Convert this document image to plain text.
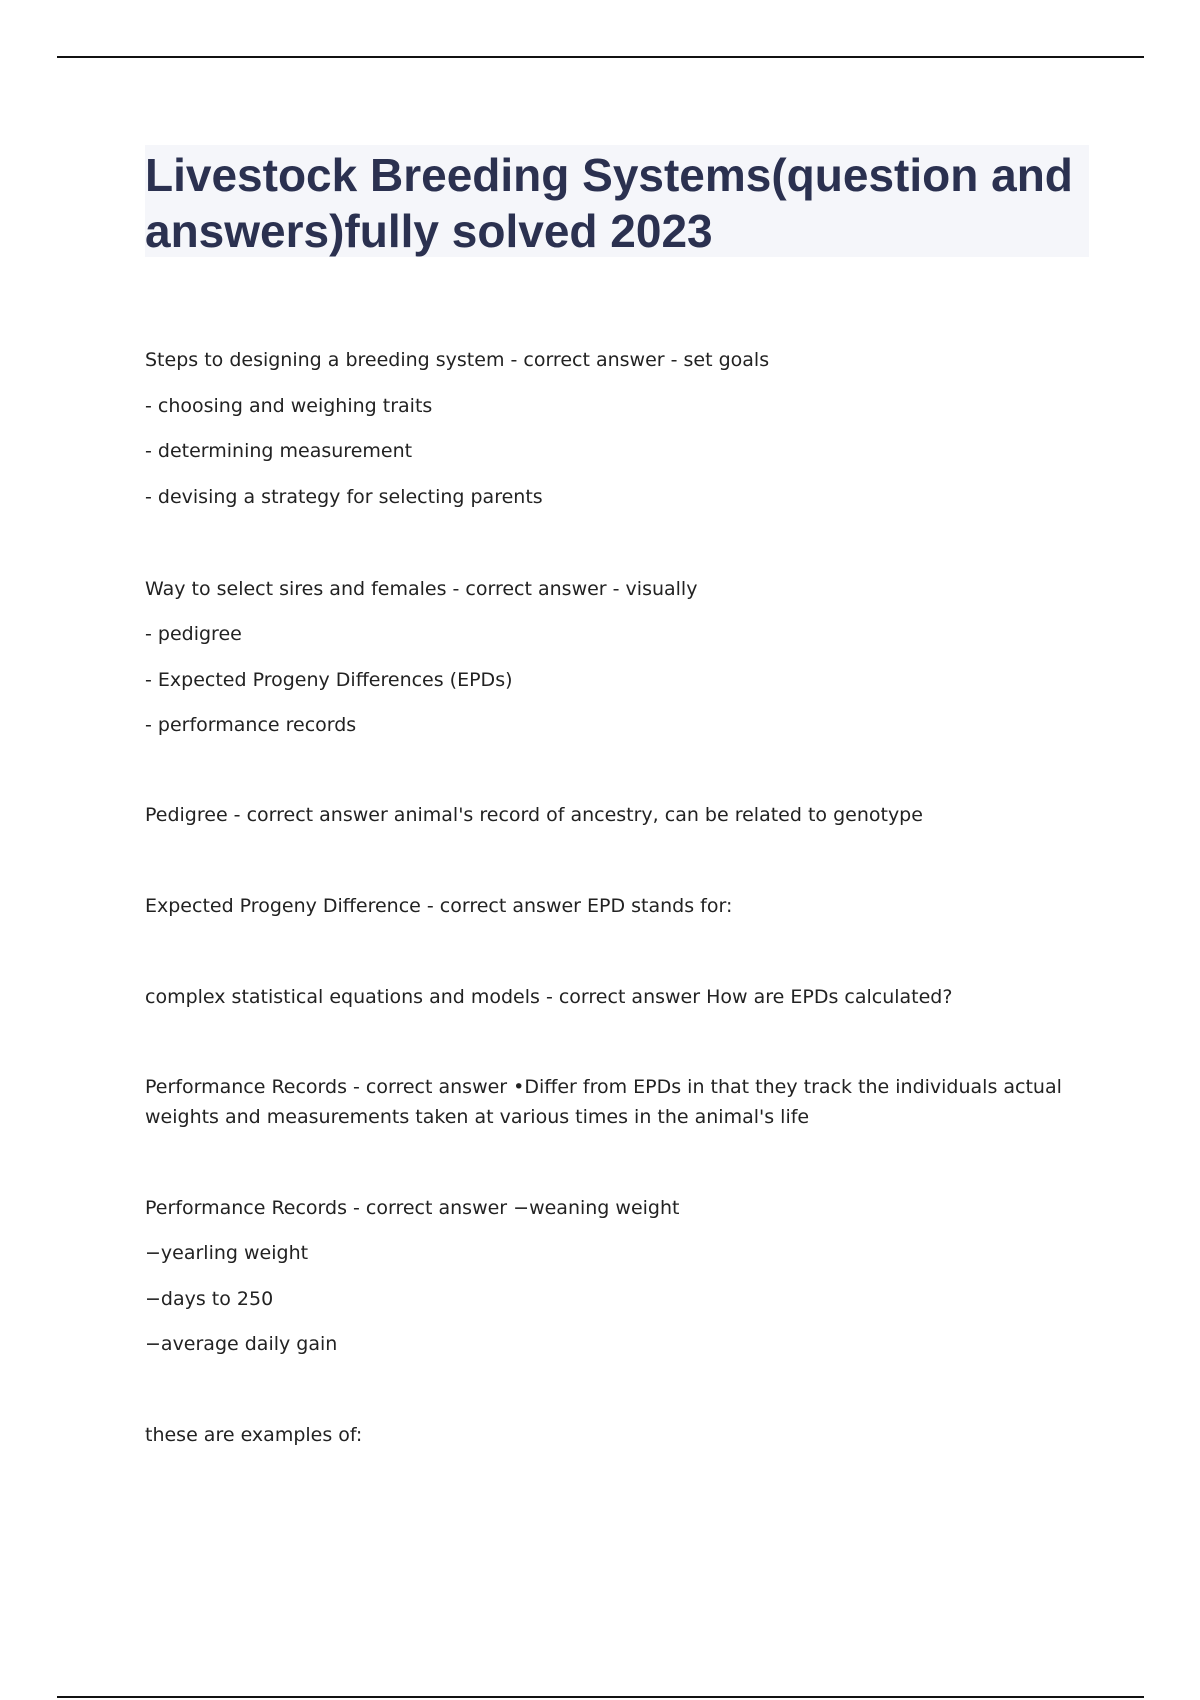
Livestock Breeding Systems(question and answers)fully solved 2023
Steps to designing a breeding system - correct answer - set goals
- choosing and weighing traits
- determining measurement
- devising a strategy for selecting parents
Way to select sires and females - correct answer - visually
- pedigree
- Expected Progeny Differences (EPDs)
- performance records
Pedigree - correct answer animal's record of ancestry, can be related to genotype
Expected Progeny Difference - correct answer EPD stands for:
complex statistical equations and models - correct answer How are EPDs calculated?
Performance Records - correct answer •Differ from EPDs in that they track the individuals actual weights and measurements taken at various times in the animal's life
Performance Records - correct answer −weaning weight
−yearling weight
−days to 250
−average daily gain
these are examples of:
